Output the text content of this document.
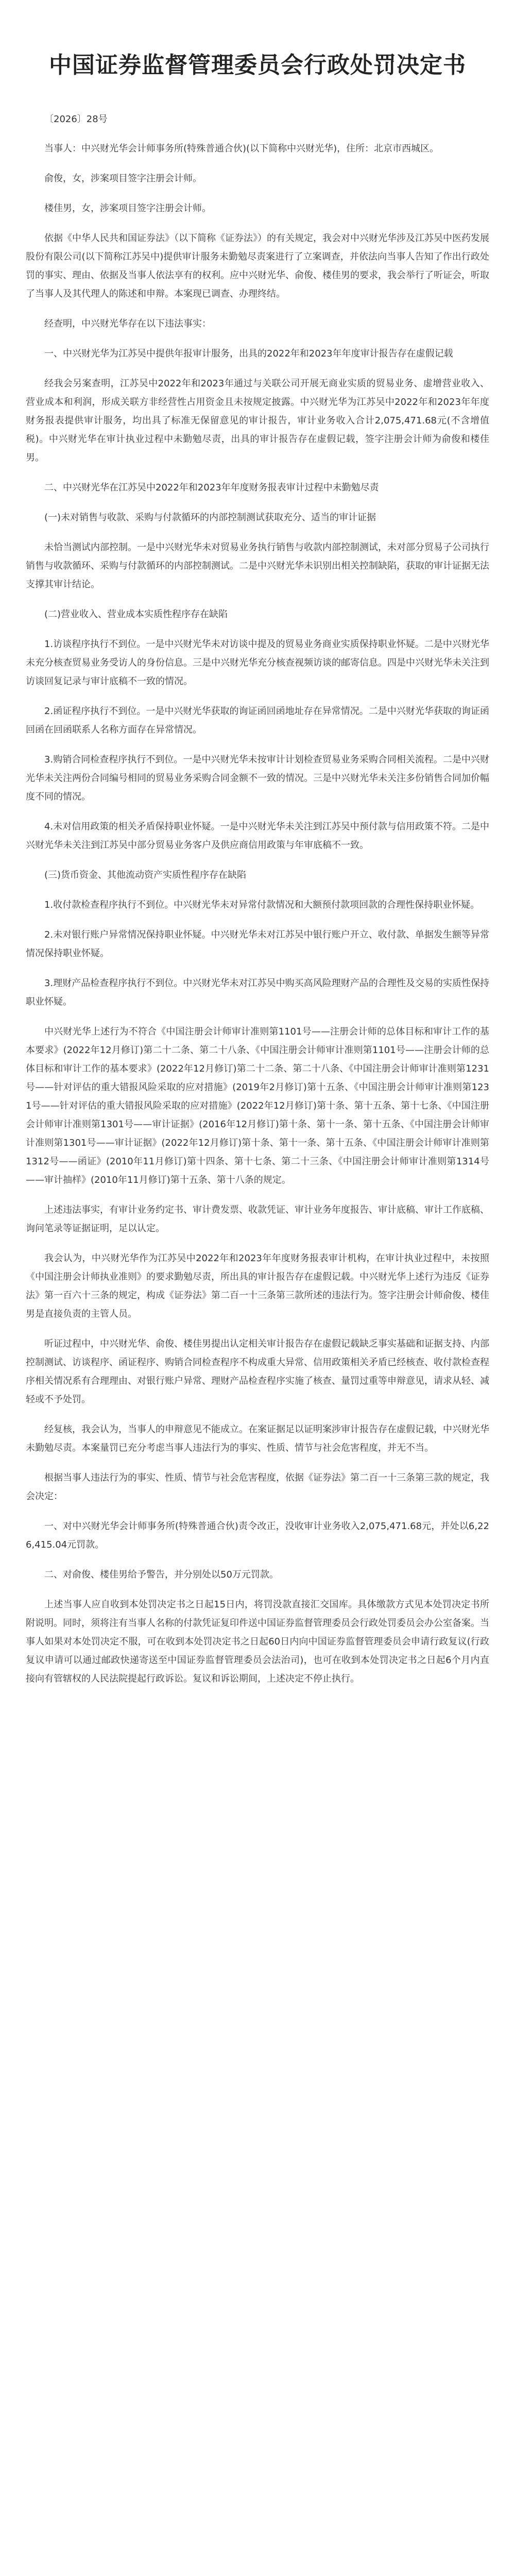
中国证券监督管理委员会行政处罚决定书
〔2026〕28号

当事人：中兴财光华会计师事务所(特殊普通合伙)(以下简称中兴财光华)，住所：北京市西城区。

俞俊，女，涉案项目签字注册会计师。

楼佳男，女，涉案项目签字注册会计师。

依据《中华人民共和国证券法》（以下简称《证券法》）的有关规定，我会对中兴财光华涉及江苏吴中医药发展股份有限公司(以下简称江苏吴中)提供审计服务未勤勉尽责案进行了立案调查，并依法向当事人告知了作出行政处罚的事实、理由、依据及当事人依法享有的权利。应中兴财光华、俞俊、楼佳男的要求，我会举行了听证会，听取了当事人及其代理人的陈述和申辩。本案现已调查、办理终结。

经查明，中兴财光华存在以下违法事实：

一、中兴财光华为江苏吴中提供年报审计服务，出具的2022年和2023年年度审计报告存在虚假记载

经我会另案查明，江苏吴中2022年和2023年通过与关联公司开展无商业实质的贸易业务、虚增营业收入、营业成本和利润，形成关联方非经营性占用资金且未按规定披露。中兴财光华为江苏吴中2022年和2023年年度财务报表提供审计服务，均出具了标准无保留意见的审计报告，审计业务收入合计2,075,471.68元(不含增值税)。中兴财光华在审计执业过程中未勤勉尽责，出具的审计报告存在虚假记载，签字注册会计师为俞俊和楼佳男。

二、中兴财光华在江苏吴中2022年和2023年年度财务报表审计过程中未勤勉尽责

(一)未对销售与收款、采购与付款循环的内部控制测试获取充分、适当的审计证据

未恰当测试内部控制。一是中兴财光华未对贸易业务执行销售与收款内部控制测试，未对部分贸易子公司执行销售与收款循环、采购与付款循环的内部控制测试。二是中兴财光华未识别出相关控制缺陷，获取的审计证据无法支撑其审计结论。

(二)营业收入、营业成本实质性程序存在缺陷

1.访谈程序执行不到位。一是中兴财光华未对访谈中提及的贸易业务商业实质保持职业怀疑。二是中兴财光华未充分核查贸易业务受访人的身份信息。三是中兴财光华充分核查视频访谈的邮寄信息。四是中兴财光华未关注到访谈回复记录与审计底稿不一致的情况。

2.函证程序执行不到位。一是中兴财光华获取的询证函回函地址存在异常情况。二是中兴财光华获取的询证函回函在回函联系人名称方面存在异常情况。

3.购销合同检查程序执行不到位。一是中兴财光华未按审计计划检查贸易业务采购合同相关流程。二是中兴财光华未关注两份合同编号相同的贸易业务采购合同金额不一致的情况。三是中兴财光华未关注多份销售合同加价幅度不同的情况。

4.未对信用政策的相关矛盾保持职业怀疑。一是中兴财光华未关注到江苏吴中预付款与信用政策不符。二是中兴财光华未关注到江苏吴中部分贸易业务客户及供应商信用政策与年审底稿不一致。

(三)货币资金、其他流动资产实质性程序存在缺陷

1.收付款检查程序执行不到位。中兴财光华未对异常付款情况和大额预付款项回款的合理性保持职业怀疑。

2.未对银行账户异常情况保持职业怀疑。中兴财光华未对江苏吴中银行账户开立、收付款、单据发生额等异常情况保持职业怀疑。

3.理财产品检查程序执行不到位。中兴财光华未对江苏吴中购买高风险理财产品的合理性及交易的实质性保持职业怀疑。

中兴财光华上述行为不符合《中国注册会计师审计准则第1101号——注册会计师的总体目标和审计工作的基本要求》(2022年12月修订)第二十二条、第二十八条、《中国注册会计师审计准则第1101号——注册会计师的总体目标和审计工作的基本要求》(2022年12月修订)第二十二条、第二十八条、《中国注册会计师审计准则第1231号——针对评估的重大错报风险采取的应对措施》(2019年2月修订)第十五条、《中国注册会计师审计准则第1231号——针对评估的重大错报风险采取的应对措施》(2022年12月修订)第十条、第十五条、第十七条、《中国注册会计师审计准则第1301号——审计证据》(2016年12月修订)第十条、第十一条、第十五条、《中国注册会计师审计准则第1301号——审计证据》(2022年12月修订)第十条、第十一条、第十五条、《中国注册会计师审计准则第1312号——函证》(2010年11月修订)第十四条、第十七条、第二十三条、《中国注册会计师审计准则第1314号——审计抽样》(2010年11月修订)第十五条、第十八条的规定。

上述违法事实，有审计业务约定书、审计费发票、收款凭证、审计业务年度报告、审计底稿、审计工作底稿、询问笔录等证据证明，足以认定。

我会认为，中兴财光华作为江苏吴中2022年和2023年年度财务报表审计机构，在审计执业过程中，未按照《中国注册会计师执业准则》的要求勤勉尽责，所出具的审计报告存在虚假记载。中兴财光华上述行为违反《证券法》第一百六十三条的规定，构成《证券法》第二百一十三条第三款所述的违法行为。签字注册会计师俞俊、楼佳男是直接负责的主管人员。

听证过程中，中兴财光华、俞俊、楼佳男提出认定相关审计报告存在虚假记载缺乏事实基础和证据支持、内部控制测试、访谈程序、函证程序、购销合同检查程序不构成重大异常、信用政策相关矛盾已经核查、收付款检查程序相关情况系有合理理由、对银行账户异常、理财产品检查程序实施了核查、量罚过重等申辩意见，请求从轻、减轻或不予处罚。

经复核，我会认为，当事人的申辩意见不能成立。在案证据足以证明案涉审计报告存在虚假记载，中兴财光华未勤勉尽责。本案量罚已充分考虑当事人违法行为的事实、性质、情节与社会危害程度，并无不当。

根据当事人违法行为的事实、性质、情节与社会危害程度，依据《证券法》第二百一十三条第三款的规定，我会决定：

一、对中兴财光华会计师事务所(特殊普通合伙)责令改正，没收审计业务收入2,075,471.68元，并处以6,226,415.04元罚款。

二、对俞俊、楼佳男给予警告，并分别处以50万元罚款。

上述当事人应自收到本处罚决定书之日起15日内，将罚没款直接汇交国库。具体缴款方式见本处罚决定书所附说明。同时，须将注有当事人名称的付款凭证复印件送中国证券监督管理委员会行政处罚委员会办公室备案。当事人如果对本处罚决定不服，可在收到本处罚决定书之日起60日内向中国证券监督管理委员会申请行政复议(行政复议申请可以通过邮政快递寄送至中国证券监督管理委员会法治司)，也可在收到本处罚决定书之日起6个月内直接向有管辖权的人民法院提起行政诉讼。复议和诉讼期间，上述决定不停止执行。
